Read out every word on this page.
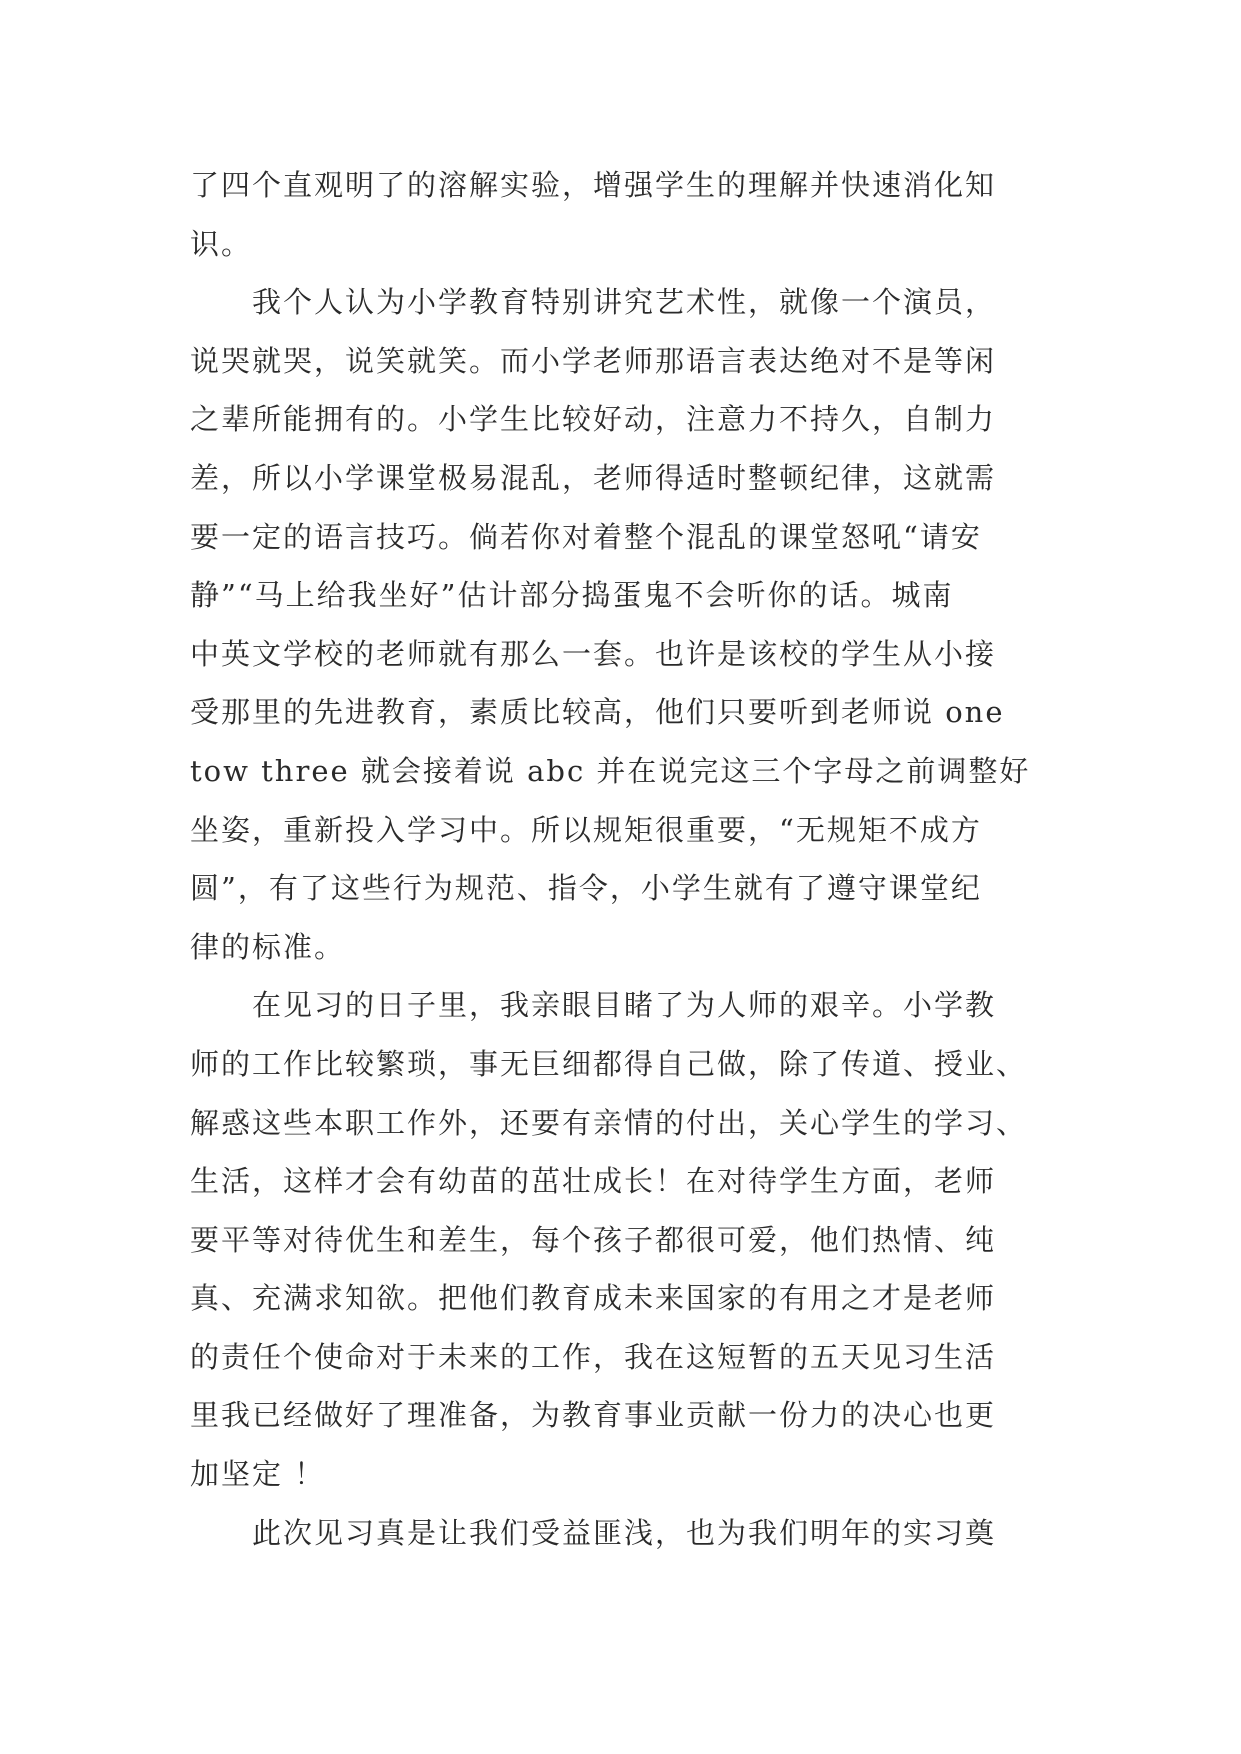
了四个直观明了的溶解实验，增强学生的理解并快速消化知
识。
我个人认为小学教育特别讲究艺术性，就像一个演员，
说哭就哭，说笑就笑。而小学老师那语言表达绝对不是等闲
之辈所能拥有的。小学生比较好动，注意力不持久，自制力
差，所以小学课堂极易混乱，老师得适时整顿纪律，这就需
要一定的语言技巧。倘若你对着整个混乱的课堂怒吼“请安
静”“马上给我坐好”估计部分捣蛋鬼不会听你的话。城南
中英文学校的老师就有那么一套。也许是该校的学生从小接
受那里的先进教育，素质比较高，他们只要听到老师说 one
tow three 就会接着说 abc 并在说完这三个字母之前调整好
坐姿，重新投入学习中。所以规矩很重要，“无规矩不成方
圆”，有了这些行为规范、指令，小学生就有了遵守课堂纪
律的标准。
在见习的日子里，我亲眼目睹了为人师的艰辛。小学教
师的工作比较繁琐，事无巨细都得自己做，除了传道、授业、
解惑这些本职工作外，还要有亲情的付出，关心学生的学习、
生活，这样才会有幼苗的茁壮成长！在对待学生方面，老师
要平等对待优生和差生，每个孩子都很可爱，他们热情、纯
真、充满求知欲。把他们教育成未来国家的有用之才是老师
的责任个使命对于未来的工作，我在这短暂的五天见习生活
里我已经做好了理准备，为教育事业贡献一份力的决心也更
加坚定 ！
此次见习真是让我们受益匪浅，也为我们明年的实习奠
